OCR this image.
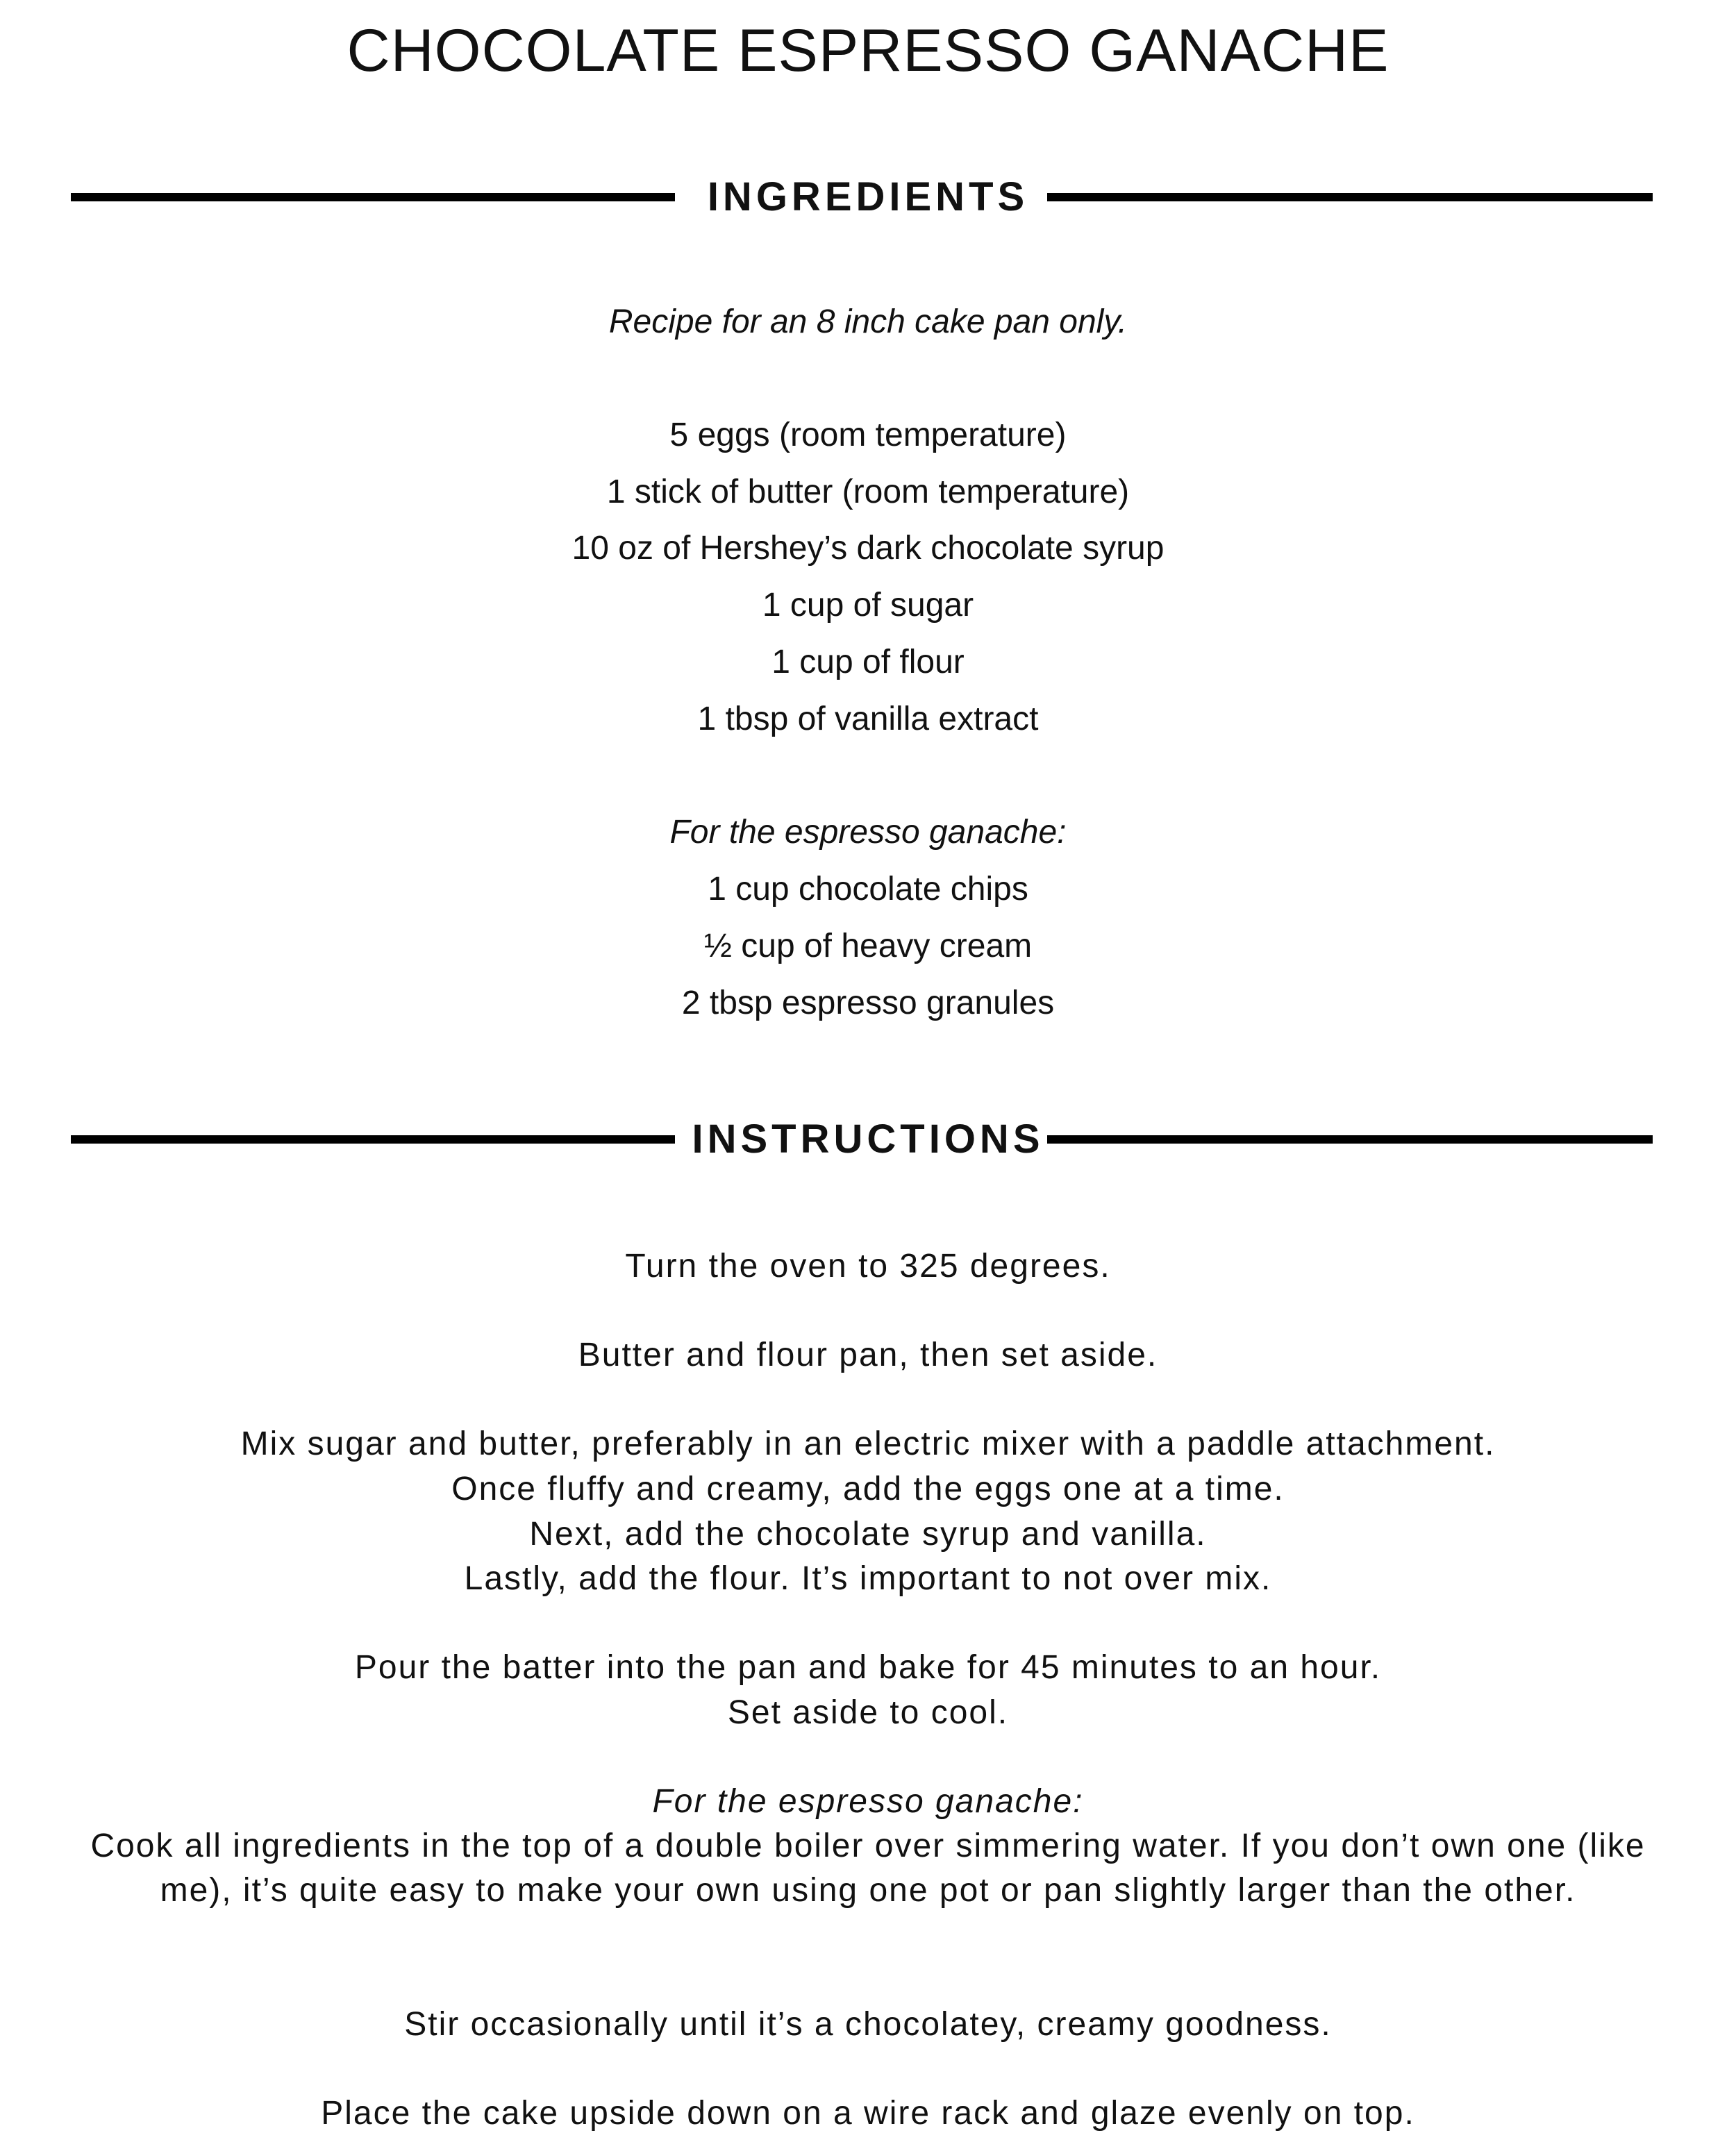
CHOCOLATE ESPRESSO GANACHE
INGREDIENTS

Recipe for an 8 inch cake pan only.

5 eggs (room temperature)

1 stick of butter (room temperature)

10 oz of Hershey’s dark chocolate syrup

1 cup of sugar

1 cup of flour

1 tbsp of vanilla extract

For the espresso ganache:

1 cup chocolate chips

½ cup of heavy cream

2 tbsp espresso granules

INSTRUCTIONS

Turn the oven to 325 degrees.

Butter and flour pan, then set aside.

Mix sugar and butter, preferably in an electric mixer with a paddle attachment.

Once fluffy and creamy, add the eggs one at a time.

Next, add the chocolate syrup and vanilla.

Lastly, add the flour. It’s important to not over mix.

Pour the batter into the pan and bake for 45 minutes to an hour.

Set aside to cool.

For the espresso ganache:

Cook all ingredients in the top of a double boiler over simmering water. If you don’t own one (like me), it’s quite easy to make your own using one pot or pan slightly larger than the other.

Stir occasionally until it’s a chocolatey, creamy goodness.

Place the cake upside down on a wire rack and glaze evenly on top.
